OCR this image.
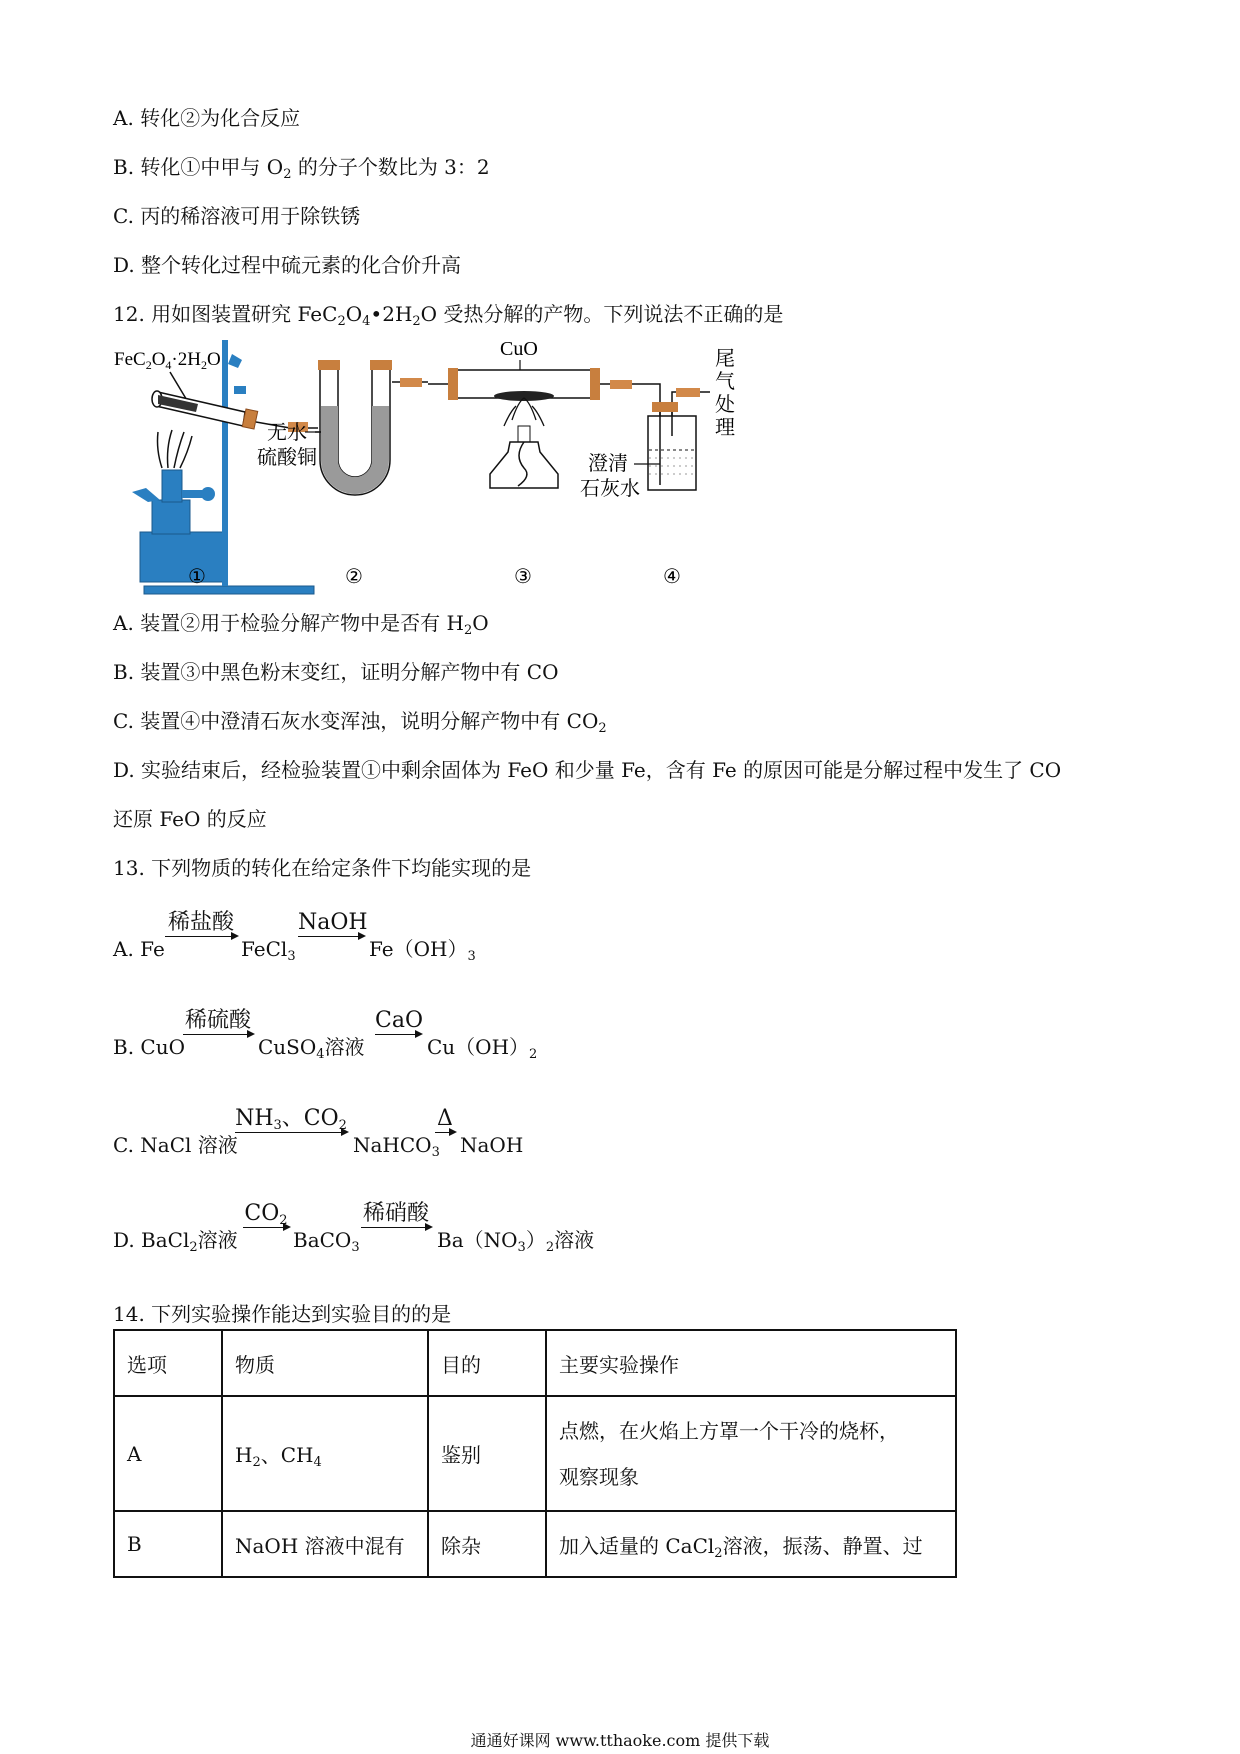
A. 转化②为化合反应
B. 转化①中甲与 $O_2$ 的分子个数比为 3：2
C. 丙的稀溶液可用于除铁锈
D. 整个转化过程中硫元素的化合价升高
12. 用如图装置研究 $FeC_2O_4•2H_2O$ 受热分解的产物。下列说法不正确的是
$FeC_2O_4\cdot 2H_2O$
无水
硫酸铜
CuO
澄清
石灰水
尾
气
处
理
①	②	③	④
A. 装置②用于检验分解产物中是否有 $H_2O$
B. 装置③中黑色粉末变红，证明分解产物中有 CO
C. 装置④中澄清石灰水变浑浊，说明分解产物中有 $CO_2$
D. 实验结束后，经检验装置①中剩余固体为 FeO 和少量 Fe，含有 Fe 的原因可能是分解过程中发生了 CO
还原 FeO 的反应
13. 下列物质的转化在给定条件下均能实现的是
A. Fe
稀盐酸
FeCl$_3$
NaOH
$Fe(OH)_3$
B. CuO
稀硫酸
CuSO$_4$溶液
CaO
$Cu(OH)_2$
C. NaCl 溶液
$NH_3$、$CO_2$
NaHCO$_3$
Δ
NaOH
D. BaCl$_2$溶液
$CO_2$
BaCO$_3$
稀硝酸
$Ba(NO_3)_2$溶液
14. 下列实验操作能达到实验目的的是
选项	物质	目的	主要实验操作
A	$H_2$、$CH_4$	鉴别	点燃，在火焰上方罩一个干冷的烧杯，
观察现象

B	NaOH 溶液中混有	除杂	加入适量的 CaCl$_2$溶液，振荡、静置、过
通通好课网 www.tthaoke.com 提供下载
